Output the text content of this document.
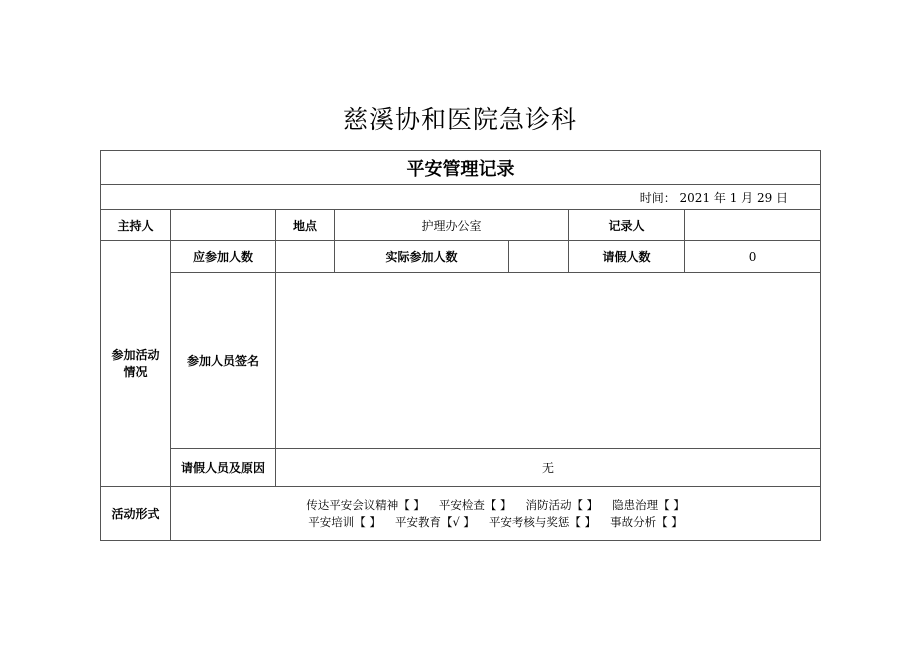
慈溪协和医院急诊科
平安管理记录						
时间： 2021 年 1 月 29 日						
主持人		地点	护理办公室		记录人	

参加活动情况	应参加人数		实际参加人数		请假人数	0
	参加人员签名					
	请假人员及原因	无				
活动形式	传达平安会议精神【 】 平安检查【 】 消防活动【 】 隐患治理【 】
平安培训【 】 平安教育【√ 】 平安考核与奖惩【 】 事故分析【 】					
